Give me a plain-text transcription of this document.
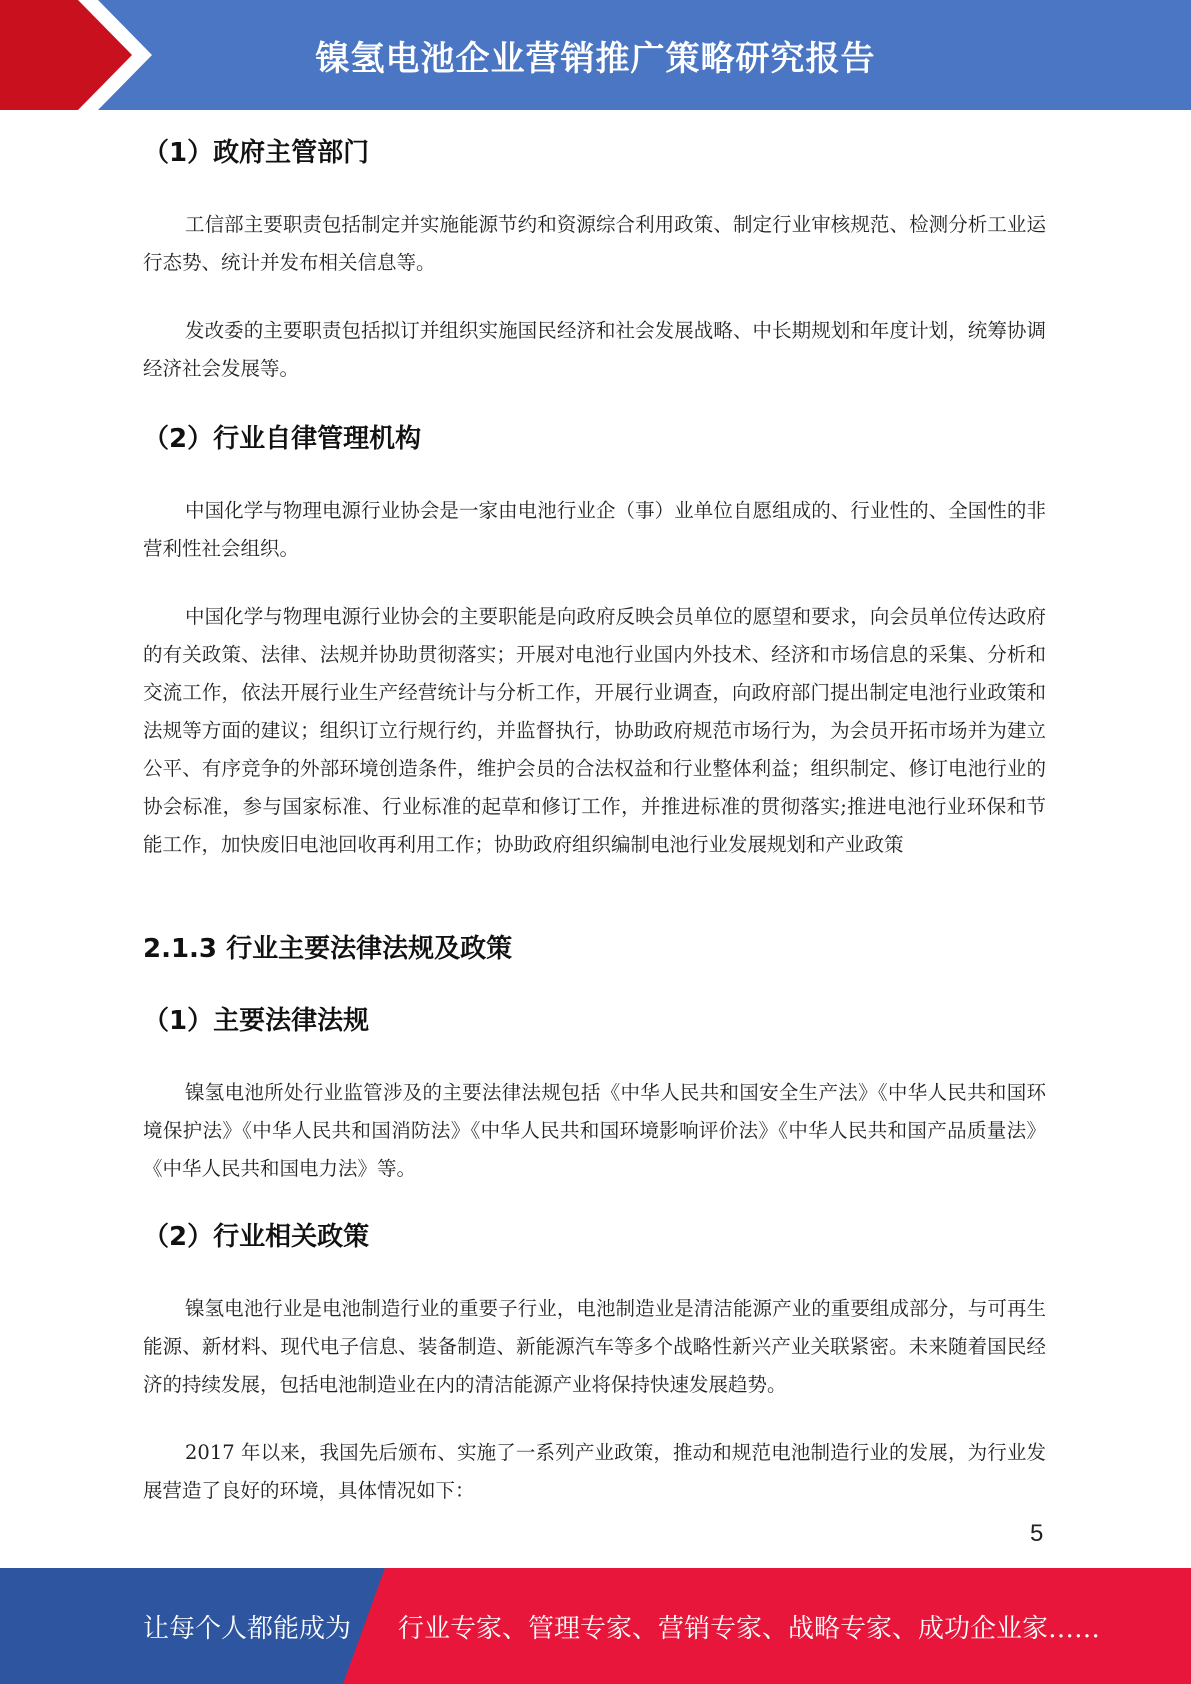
镍氢电池企业营销推广策略研究报告
（1）政府主管部门
工信部主要职责包括制定并实施能源节约和资源综合利用政策、制定行业审核规范、检测分析工业运行态势、统计并发布相关信息等。
发改委的主要职责包括拟订并组织实施国民经济和社会发展战略、中长期规划和年度计划，统筹协调经济社会发展等。
（2）行业自律管理机构
中国化学与物理电源行业协会是一家由电池行业企（事）业单位自愿组成的、行业性的、全国性的非营利性社会组织。
中国化学与物理电源行业协会的主要职能是向政府反映会员单位的愿望和要求，向会员单位传达政府的有关政策、法律、法规并协助贯彻落实；开展对电池行业国内外技术、经济和市场信息的采集、分析和交流工作，依法开展行业生产经营统计与分析工作，开展行业调查，向政府部门提出制定电池行业政策和法规等方面的建议；组织订立行规行约，并监督执行，协助政府规范市场行为，为会员开拓市场并为建立公平、有序竞争的外部环境创造条件，维护会员的合法权益和行业整体利益；组织制定、修订电池行业的协会标准，参与国家标准、行业标准的起草和修订工作，并推进标准的贯彻落实;推进电池行业环保和节能工作，加快废旧电池回收再利用工作；协助政府组织编制电池行业发展规划和产业政策
2.1.3 行业主要法律法规及政策
（1）主要法律法规
镍氢电池所处行业监管涉及的主要法律法规包括《中华人民共和国安全生产法》《中华人民共和国环境保护法》《中华人民共和国消防法》《中华人民共和国环境影响评价法》《中华人民共和国产品质量法》《中华人民共和国电力法》等。
（2）行业相关政策
镍氢电池行业是电池制造行业的重要子行业，电池制造业是清洁能源产业的重要组成部分，与可再生能源、新材料、现代电子信息、装备制造、新能源汽车等多个战略性新兴产业关联紧密。未来随着国民经济的持续发展，包括电池制造业在内的清洁能源产业将保持快速发展趋势。
2017 年以来，我国先后颁布、实施了一系列产业政策，推动和规范电池制造行业的发展，为行业发展营造了良好的环境，具体情况如下：
5
让每个人都能成为 行业专家、管理专家、营销专家、战略专家、成功企业家……
